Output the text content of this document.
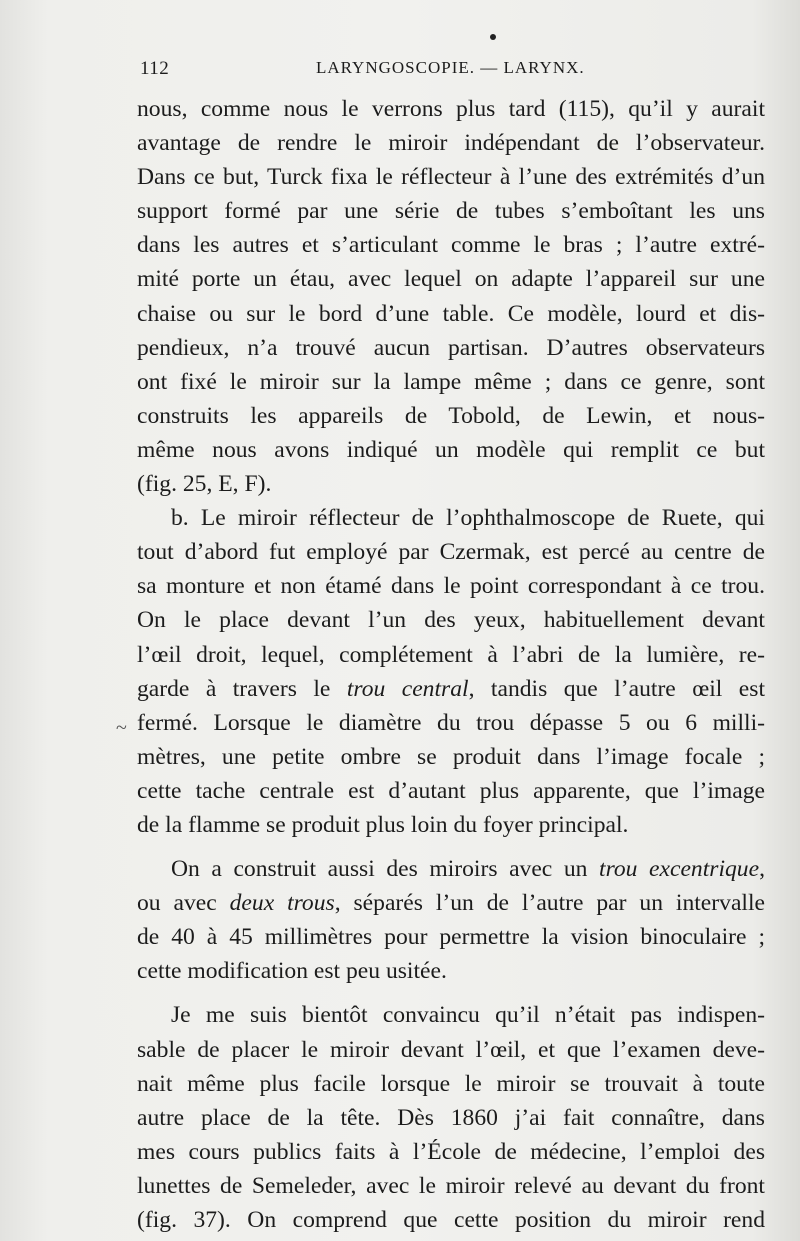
112	LARYNGOSCOPIE. — LARYNX.
~
nous, comme nous le verrons plus tard (115), qu’il y aurait
avantage de rendre le miroir indépendant de l’observateur.
Dans ce but, Turck fixa le réflecteur à l’une des extrémités d’un
support formé par une série de tubes s’emboîtant les uns
dans les autres et s’articulant comme le bras ; l’autre extré-
mité porte un étau, avec lequel on adapte l’appareil sur une
chaise ou sur le bord d’une table. Ce modèle, lourd et dis-
pendieux, n’a trouvé aucun partisan. D’autres observateurs
ont fixé le miroir sur la lampe même ; dans ce genre, sont
construits les appareils de Tobold, de Lewin, et nous-
même nous avons indiqué un modèle qui remplit ce but
(fig. 25, E, F).
b. Le miroir réflecteur de l’ophthalmoscope de Ruete, qui
tout d’abord fut employé par Czermak, est percé au centre de
sa monture et non étamé dans le point correspondant à ce trou.
On le place devant l’un des yeux, habituellement devant
l’œil droit, lequel, complétement à l’abri de la lumière, re-
garde à travers le trou central, tandis que l’autre œil est
fermé. Lorsque le diamètre du trou dépasse 5 ou 6 milli-
mètres, une petite ombre se produit dans l’image focale ;
cette tache centrale est d’autant plus apparente, que l’image
de la flamme se produit plus loin du foyer principal.
On a construit aussi des miroirs avec un trou excentrique,
ou avec deux trous, séparés l’un de l’autre par un intervalle
de 40 à 45 millimètres pour permettre la vision binoculaire ;
cette modification est peu usitée.
Je me suis bientôt convaincu qu’il n’était pas indispen-
sable de placer le miroir devant l’œil, et que l’examen deve-
nait même plus facile lorsque le miroir se trouvait à toute
autre place de la tête. Dès 1860 j’ai fait connaître, dans
mes cours publics faits à l’École de médecine, l’emploi des
lunettes de Semeleder, avec le miroir relevé au devant du front
(fig. 37). On comprend que cette position du miroir rend
